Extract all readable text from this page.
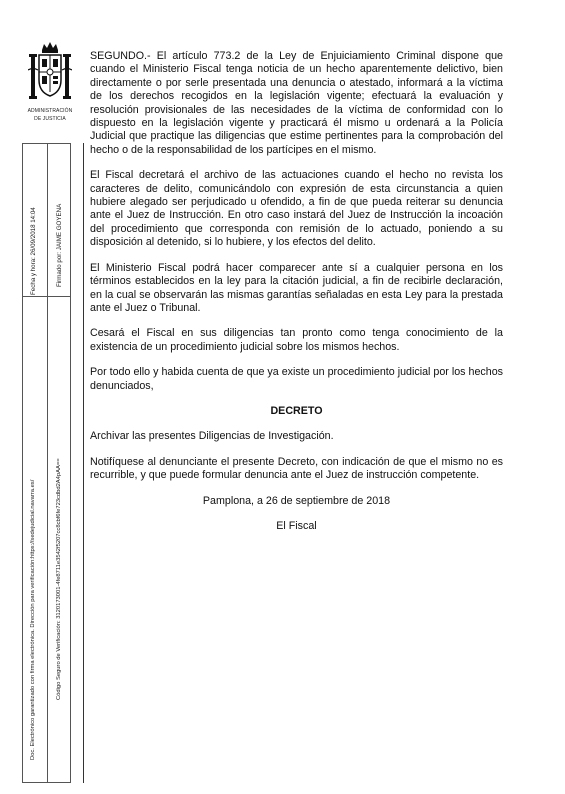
ADMINISTRACIÓN
DE JUSTICIA
Fecha y hora: 26/09/2018 14:04	Firmado por: JAIME GOYENA
Doc. Electrónico garantizado con firma electrónica. Dirección para verificación:https://sedejudicial.navarra.es/	Código Seguro de Verificación: 3120173001-4fe8711e3542f5207cc8cbf6fe723cdbd2A4pAA==

SEGUNDO.- El artículo 773.2 de la Ley de Enjuiciamiento Criminal dispone que cuando el Ministerio Fiscal tenga noticia de un hecho aparentemente delictivo, bien directamente o por serle presentada una denuncia o atestado, informará a la víctima de los derechos recogidos en la legislación vigente; efectuará la evaluación y resolución provisionales de las necesidades de la víctima de conformidad con lo dispuesto en la legislación vigente y practicará él mismo u ordenará a la Policía Judicial que practique las diligencias que estime pertinentes para la comprobación del hecho o de la responsabilidad de los partícipes en el mismo.

El Fiscal decretará el archivo de las actuaciones cuando el hecho no revista los caracteres de delito, comunicándolo con expresión de esta circunstancia a quien hubiere alegado ser perjudicado u ofendido, a fin de que pueda reiterar su denuncia ante el Juez de Instrucción. En otro caso instará del Juez de Instrucción la incoación del procedimiento que corresponda con remisión de lo actuado, poniendo a su disposición al detenido, si lo hubiere, y los efectos del delito.

El Ministerio Fiscal podrá hacer comparecer ante sí a cualquier persona en los términos establecidos en la ley para la citación judicial, a fin de recibirle declaración, en la cual se observarán las mismas garantías señaladas en esta Ley para la prestada ante el Juez o Tribunal.

Cesará el Fiscal en sus diligencias tan pronto como tenga conocimiento de la existencia de un procedimiento judicial sobre los mismos hechos.

Por todo ello y habida cuenta de que ya existe un procedimiento judicial por los hechos denunciados,

DECRETO

Archivar las presentes Diligencias de Investigación.

Notifíquese al denunciante el presente Decreto, con indicación de que el mismo no es recurrible, y que puede formular denuncia ante el Juez de instrucción competente.

Pamplona, a 26 de septiembre de 2018

El Fiscal
